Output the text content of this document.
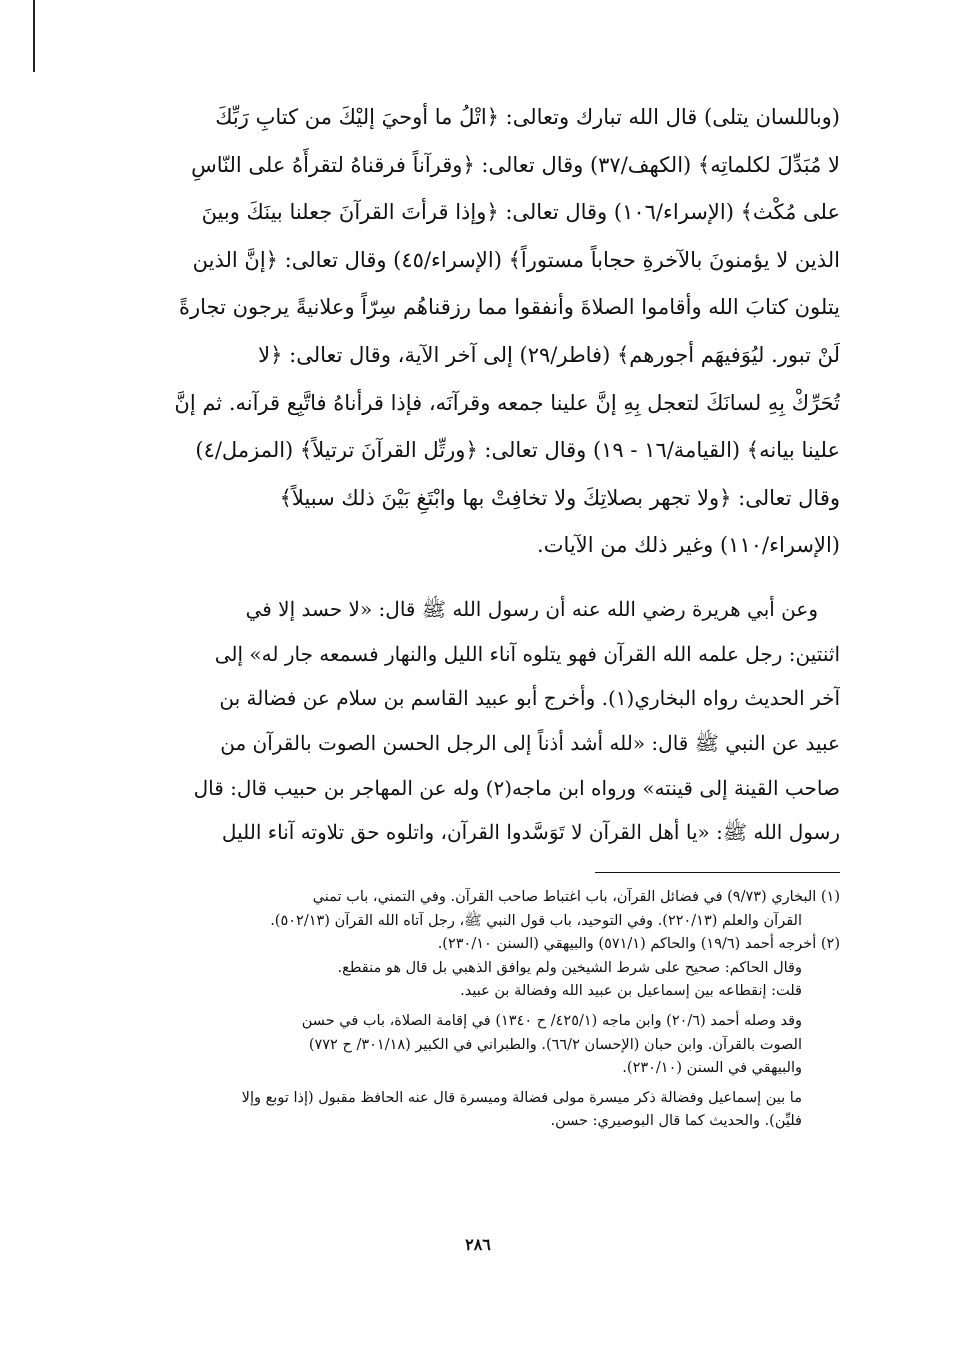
(وباللسان يتلى) قال الله تبارك وتعالى: ﴿اتْلُ ما أوحيَ إليْكَ من كتابِ رَبِّكَ
لا مُبَدِّلَ لكلماتِه﴾ (الكهف/٣٧) وقال تعالى: ﴿وقرآناً فرقناهُ لتقرأَهُ على النّاسِ
على مُكْث﴾ (الإسراء/١٠٦) وقال تعالى: ﴿وإذا قرأتَ القرآنَ جعلنا بينَكَ وبينَ
الذين لا يؤمنونَ بالآخرةِ حجاباً مستوراً﴾ (الإسراء/٤٥) وقال تعالى: ﴿إنَّ الذين
يتلون كتابَ الله وأقاموا الصلاةَ وأنفقوا مما رزقناهُم سِرّاً وعلانيةً يرجون تجارةً
لَنْ تبور. ليُوَفيهَم أجورهم﴾ (فاطر/٢٩) إلى آخر الآية، وقال تعالى: ﴿لا
تُحَرِّكْ بِهِ لسانَكَ لتعجل بِهِ إنَّ علينا جمعه وقرآنَه، فإذا قرأناهُ فاتَّبِع قرآنه. ثم إنَّ
علينا بيانه﴾ (القيامة/١٦ - ١٩) وقال تعالى: ﴿ورتِّل القرآنَ ترتيلاً﴾ (المزمل/٤)
وقال تعالى: ﴿ولا تجهر بصلاتِكَ ولا تخافِتْ بها وابْتَغِ بَيْنَ ذلك سبيلاً﴾
(الإسراء/١١٠) وغير ذلك من الآيات.
وعن أبي هريرة رضي الله عنه أن رسول الله ﷺ قال: «لا حسد إلا في
اثنتين: رجل علمه الله القرآن فهو يتلوه آناء الليل والنهار فسمعه جار له» إلى
آخر الحديث رواه البخاري(١). وأخرج أبو عبيد القاسم بن سلام عن فضالة بن
عبيد عن النبي ﷺ قال: «لله أشد أذناً إلى الرجل الحسن الصوت بالقرآن من
صاحب القينة إلى قينته» ورواه ابن ماجه(٢) وله عن المهاجر بن حبيب قال: قال
رسول الله ﷺ: «يا أهل القرآن لا تَوَسَّدوا القرآن، واتلوه حق تلاوته آناء الليل
(١) البخاري (٩/٧٣) في فضائل القرآن، باب اغتباط صاحب القرآن. وفي التمني، باب تمني
القرآن والعلم (٢٢٠/١٣). وفي التوحيد، باب قول النبي ﷺ، رجل آتاه الله القرآن (٥٠٢/١٣).
(٢) أخرجه أحمد (١٩/٦) والحاكم (٥٧١/١) والبيهقي (السنن ٢٣٠/١٠).
وقال الحاكم: صحيح على شرط الشيخين ولم يوافق الذهبي بل قال هو منقطع.
قلت: إنقطاعه بين إسماعيل بن عبيد الله وفضالة بن عبيد.
وقد وصله أحمد (٢٠/٦) وابن ماجه (٤٢٥/١/ ح ١٣٤٠) في إقامة الصلاة، باب في حسن
الصوت بالقرآن. وابن حبان (الإحسان ٦٦/٢). والطبراني في الكبير (٣٠١/١٨/ ح ٧٧٢)
والبيهقي في السنن (٢٣٠/١٠).
ما بين إسماعيل وفضالة ذكر ميسرة مولى فضالة وميسرة قال عنه الحافظ مقبول (إذا توبع وإلا
فليِّن). والحديث كما قال البوصيري: حسن.
٢٨٦
